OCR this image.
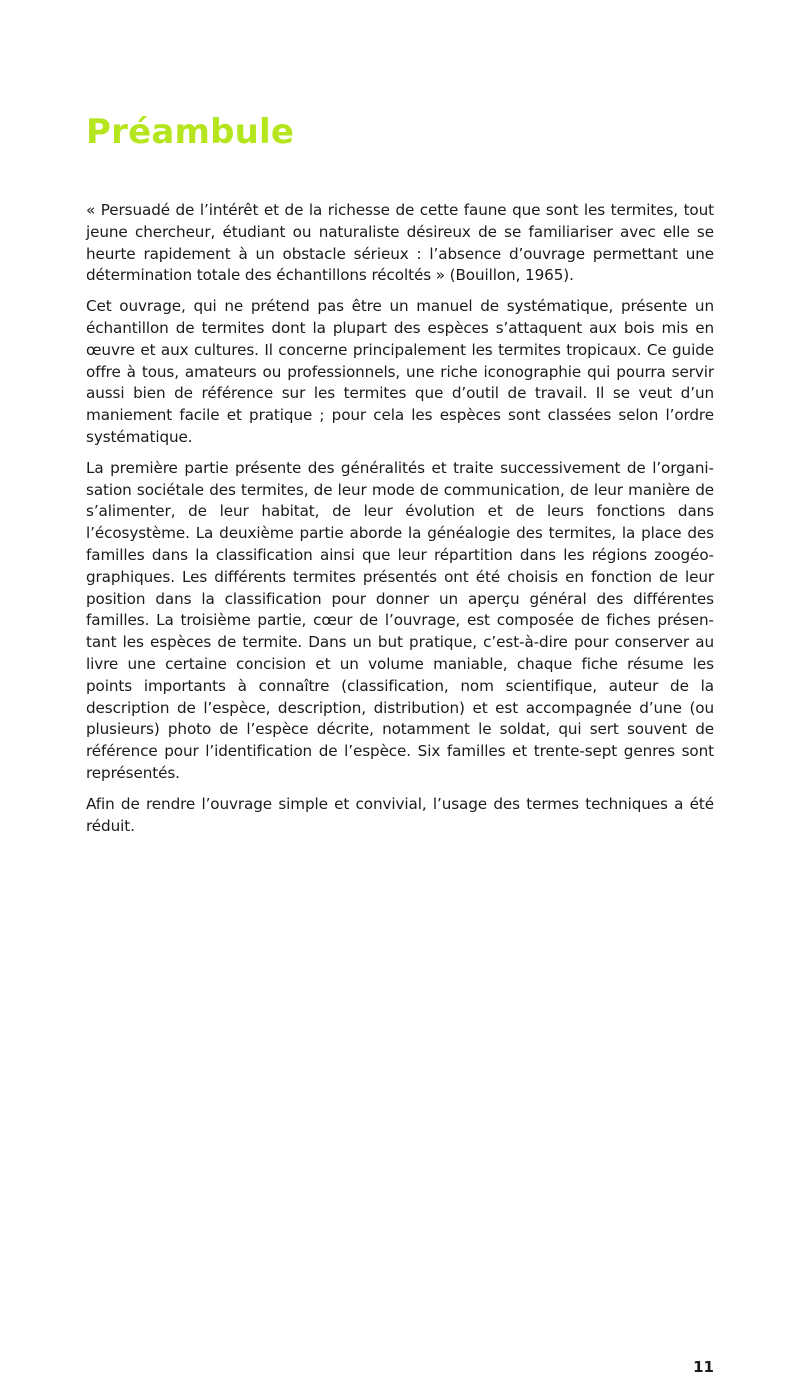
Préambule

« Persuadé de l’intérêt et de la richesse de cette faune que sont les termites, tout jeune chercheur, étudiant ou naturaliste désireux de se familiariser avec elle se heurte rapidement à un obstacle sérieux : l’absence d’ouvrage permettant une détermination totale des échantillons récoltés » (Bouillon, 1965).

Cet ouvrage, qui ne prétend pas être un manuel de systématique, présente un échantillon de termites dont la plupart des espèces s’attaquent aux bois mis en œuvre et aux cultures. Il concerne principalement les termites tropicaux. Ce guide offre à tous, amateurs ou professionnels, une riche iconographie qui pourra servir aussi bien de référence sur les termites que d’outil de travail. Il se veut d’un maniement facile et pratique ; pour cela les espèces sont classées selon l’ordre systématique.

La première partie présente des généralités et traite successivement de l’organisation sociétale des termites, de leur mode de communication, de leur manière de s’alimenter, de leur habitat, de leur évolution et de leurs fonctions dans l’écosystème. La deuxième partie aborde la généalogie des termites, la place des familles dans la classification ainsi que leur répartition dans les régions zoogéographiques. Les différents termites présentés ont été choisis en fonction de leur position dans la classification pour donner un aperçu général des différentes familles. La troisième partie, cœur de l’ouvrage, est composée de fiches présentant les espèces de termite. Dans un but pratique, c’est-à-dire pour conserver au livre une certaine concision et un volume maniable, chaque fiche résume les points importants à connaître (classification, nom scientifique, auteur de la description de l’espèce, description, distribution) et est accompagnée d’une (ou plusieurs) photo de l’espèce décrite, notamment le soldat, qui sert souvent de référence pour l’identification de l’espèce. Six familles et trente-sept genres sont représentés.

Afin de rendre l’ouvrage simple et convivial, l’usage des termes techniques a été réduit.

11
